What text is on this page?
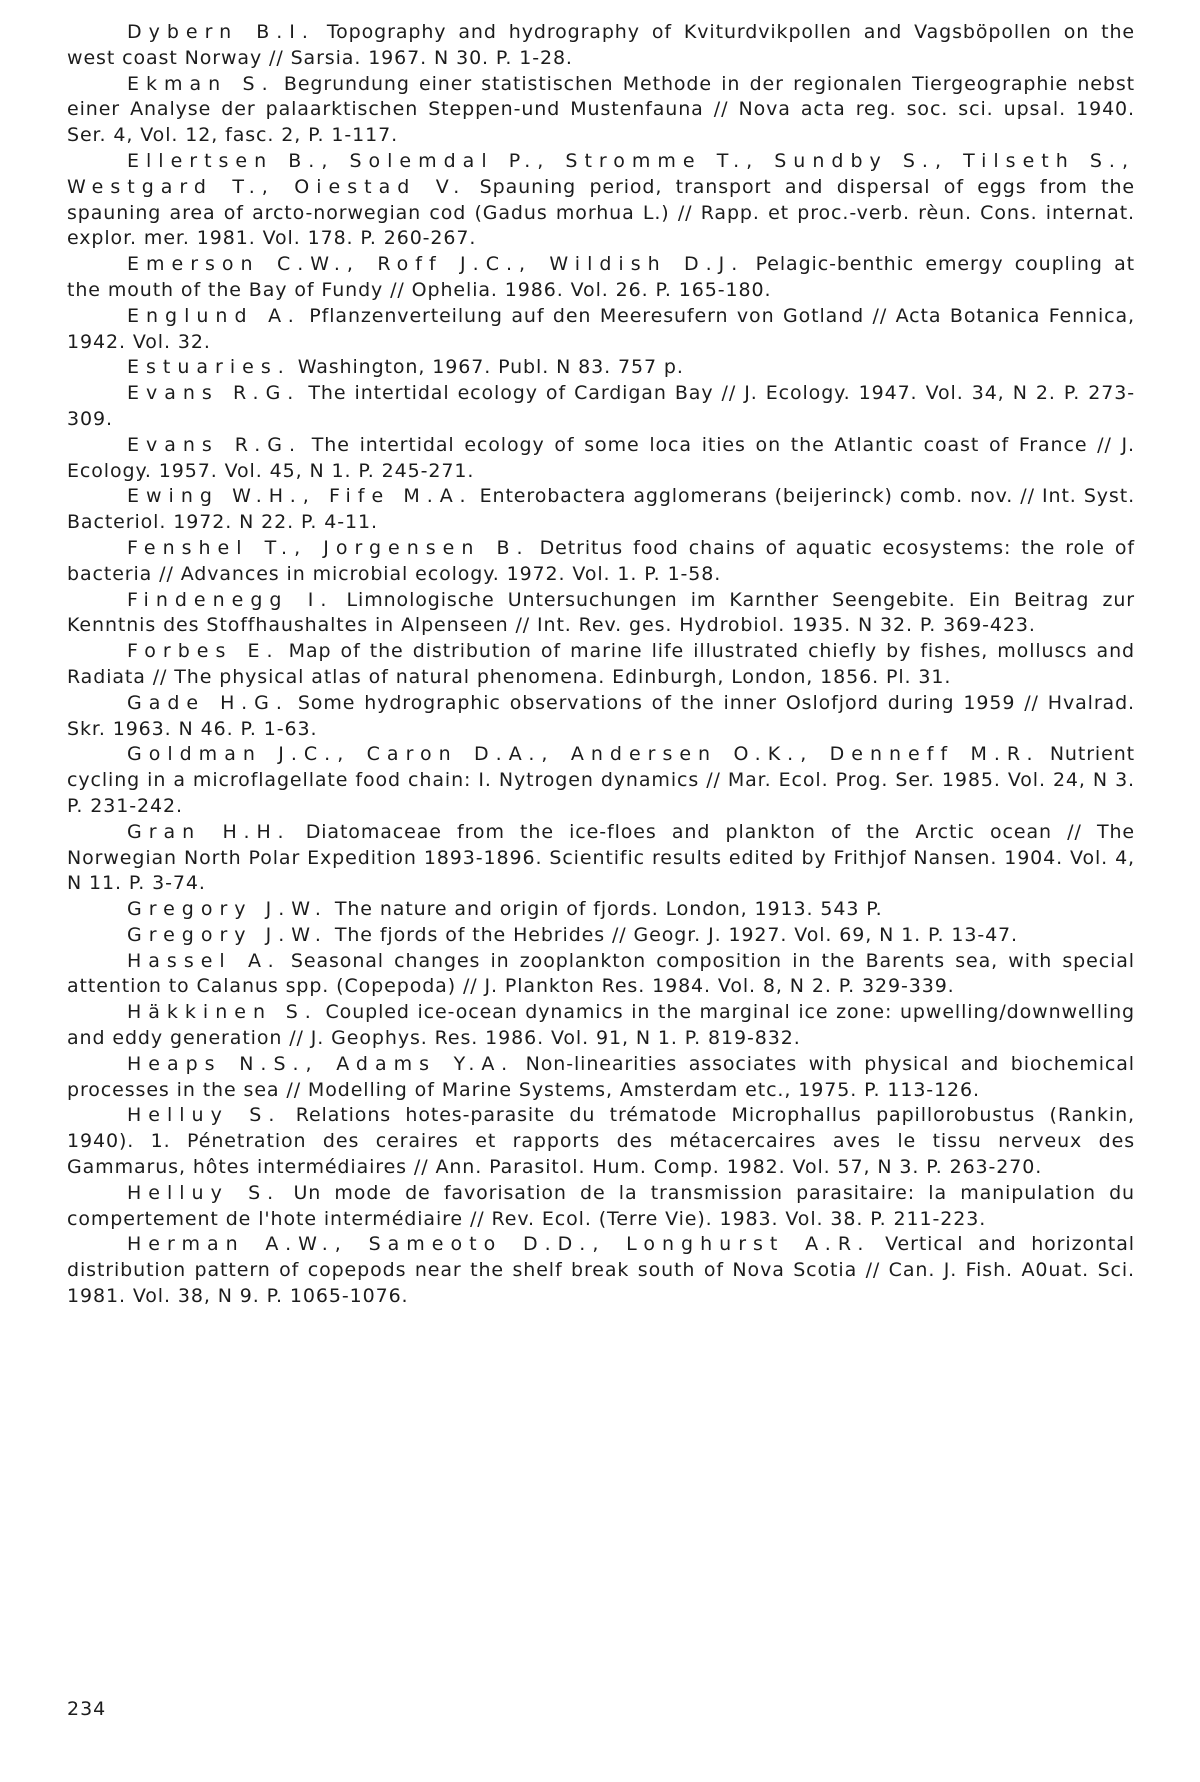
Dybern B.I. Topography and hydrography of Kviturdvikpollen and Vagsböpollen on the west coast Norway // Sarsia. 1967. N 30. P. 1-28.

Ekman S. Begrundung einer statistischen Methode in der regionalen Tiergeographie nebst einer Analyse der palaarktischen Steppen-und Mustenfauna // Nova acta reg. soc. sci. upsal. 1940. Ser. 4, Vol. 12, fasc. 2, P. 1-117.

Ellertsen B., Solemdal P., Stromme T., Sundby S., Tilseth S., Westgard T., Oiestad V. Spauning period, transport and dispersal of eggs from the spauning area of arcto-norwegian cod (Gadus morhua L.) // Rapp. et proc.-verb. rèun. Cons. internat. explor. mer. 1981. Vol. 178. P. 260-267.

Emerson C.W., Roff J.C., Wildish D.J. Pelagic-benthic emergy coupling at the mouth of the Bay of Fundy // Ophelia. 1986. Vol. 26. P. 165-180.

Englund A. Pflanzenverteilung auf den Meeresufern von Gotland // Acta Botanica Fennica, 1942. Vol. 32.

Estuaries. Washington, 1967. Publ. N 83. 757 p.

Evans R.G. The intertidal ecology of Cardigan Bay // J. Ecology. 1947. Vol. 34, N 2. P. 273-309.

Evans R.G. The intertidal ecology of some loca ities on the Atlantic coast of France // J. Ecology. 1957. Vol. 45, N 1. P. 245-271.

Ewing W.H., Fife M.A. Enterobactera agglomerans (beijerinck) comb. nov. // Int. Syst. Bacteriol. 1972. N 22. P. 4-11.

Fenshel T., Jorgensen B. Detritus food chains of aquatic ecosystems: the role of bacteria // Advances in microbial ecology. 1972. Vol. 1. P. 1-58.

Findenegg I. Limnologische Untersuchungen im Karnther Seengebite. Ein Beitrag zur Kenntnis des Stoffhaushaltes in Alpenseen // Int. Rev. ges. Hydrobiol. 1935. N 32. P. 369-423.

Forbes E. Map of the distribution of marine life illustrated chiefly by fishes, molluscs and Radiata // The physical atlas of natural phenomena. Edinburgh, London, 1856. Pl. 31.

Gade H.G. Some hydrographic observations of the inner Oslofjord during 1959 // Hvalrad. Skr. 1963. N 46. P. 1-63.

Goldman J.C., Caron D.A., Andersen O.K., Denneff M.R. Nutrient cycling in a microflagellate food chain: I. Nytrogen dynamics // Mar. Ecol. Prog. Ser. 1985. Vol. 24, N 3. P. 231-242.

Gran H.H. Diatomaceae from the ice-floes and plankton of the Arctic ocean // The Norwegian North Polar Expedition 1893-1896. Scientific results edited by Frithjof Nansen. 1904. Vol. 4, N 11. P. 3-74.

Gregory J.W. The nature and origin of fjords. London, 1913. 543 P.

Gregory J.W. The fjords of the Hebrides // Geogr. J. 1927. Vol. 69, N 1. P. 13-47.

Hassel A. Seasonal changes in zooplankton composition in the Barents sea, with special attention to Calanus spp. (Copepoda) // J. Plankton Res. 1984. Vol. 8, N 2. P. 329-339.

Häkkinen S. Coupled ice-ocean dynamics in the marginal ice zone: upwelling/downwelling and eddy generation // J. Geophys. Res. 1986. Vol. 91, N 1. P. 819-832.

Heaps N.S., Adams Y.A. Non-linearities associates with physical and biochemical processes in the sea // Modelling of Marine Systems, Amsterdam etc., 1975. P. 113-126.

Helluy S. Relations hotes-parasite du trématode Microphallus papillorobustus (Rankin, 1940). 1. Pénetration des ceraires et rapports des métacercaires aves le tissu nerveux des Gammarus, hôtes intermédiaires // Ann. Parasitol. Hum. Comp. 1982. Vol. 57, N 3. P. 263-270.

Helluy S. Un mode de favorisation de la transmission parasitaire: la manipulation du compertement de l'hote intermédiaire // Rev. Ecol. (Terre Vie). 1983. Vol. 38. P. 211-223.

Herman A.W., Sameoto D.D., Longhurst A.R. Vertical and horizontal distribution pattern of copepods near the shelf break south of Nova Scotia // Can. J. Fish. A0uat. Sci. 1981. Vol. 38, N 9. P. 1065-1076.

234
